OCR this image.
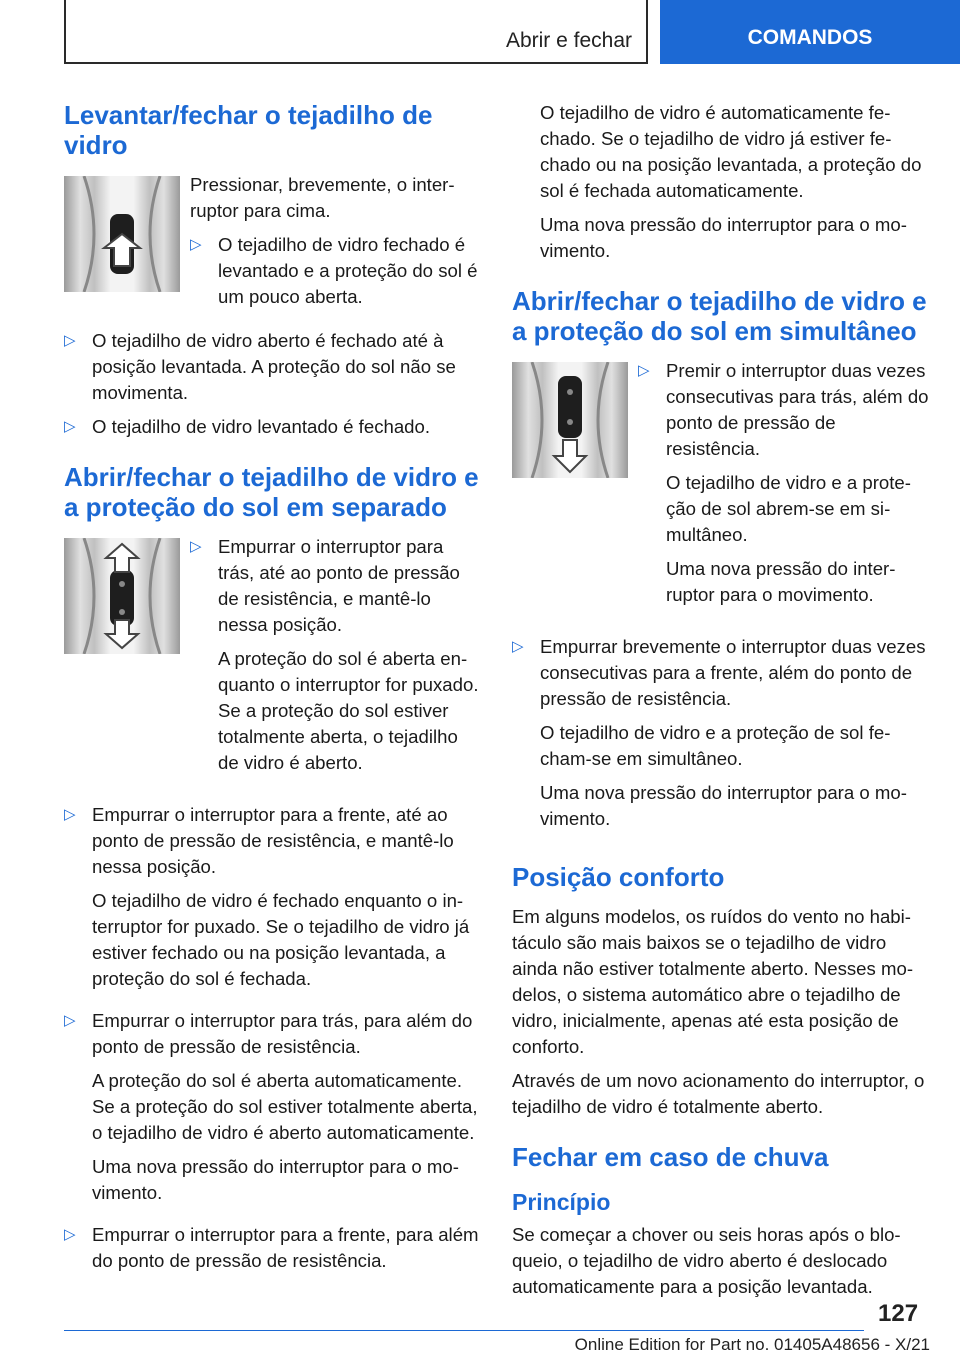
Abrir e fechar	COMANDOS
Levantar/fechar o tejadilho de vidro

Pressionar, brevemente, o interruptor para cima.

▷ O tejadilho de vidro fechado é levantado e a proteção do sol é um pouco aberta.
▷ O tejadilho de vidro aberto é fechado até à posição levantada. A proteção do sol não se movimenta.
▷ O tejadilho de vidro levantado é fechado.
Abrir/fechar o tejadilho de vidro e a proteção do sol em separado
▷ Empurrar o interruptor para trás, até ao ponto de pressão de resistência, e mantê-lo nessa posição.

A proteção do sol é aberta enquanto o interruptor for puxado. Se a proteção do sol estiver totalmente aberta, o tejadilho de vidro é aberto.

▷ Empurrar o interruptor para a frente, até ao ponto de pressão de resistência, e mantê-lo nessa posição.

O tejadilho de vidro é fechado enquanto o interruptor for puxado. Se o tejadilho de vidro já estiver fechado ou na posição levantada, a proteção do sol é fechada.

▷ Empurrar o interruptor para trás, para além do ponto de pressão de resistência.

A proteção do sol é aberta automaticamente. Se a proteção do sol estiver totalmente aberta, o tejadilho de vidro é aberto automaticamente.

Uma nova pressão do interruptor para o movimento.

▷ Empurrar o interruptor para a frente, para além do ponto de pressão de resistência.

O tejadilho de vidro é automaticamente fechado. Se o tejadilho de vidro já estiver fechado ou na posição levantada, a proteção do sol é fechada automaticamente.

Uma nova pressão do interruptor para o movimento.

Abrir/fechar o tejadilho de vidro e a proteção do sol em simultâneo
▷ Premir o interruptor duas vezes consecutivas para trás, além do ponto de pressão de resistência.

O tejadilho de vidro e a proteção de sol abrem-se em simultâneo.

Uma nova pressão do interruptor para o movimento.

▷ Empurrar brevemente o interruptor duas vezes consecutivas para a frente, além do ponto de pressão de resistência.

O tejadilho de vidro e a proteção de sol fecham-se em simultâneo.

Uma nova pressão do interruptor para o movimento.

Posição conforto

Em alguns modelos, os ruídos do vento no habitáculo são mais baixos se o tejadilho de vidro ainda não estiver totalmente aberto. Nesses modelos, o sistema automático abre o tejadilho de vidro, inicialmente, apenas até esta posição de conforto.

Através de um novo acionamento do interruptor, o tejadilho de vidro é totalmente aberto.

Fechar em caso de chuva
Princípio

Se começar a chover ou seis horas após o bloqueio, o tejadilho de vidro aberto é deslocado automaticamente para a posição levantada.

127
Online Edition for Part no. 01405A48656 - X/21
